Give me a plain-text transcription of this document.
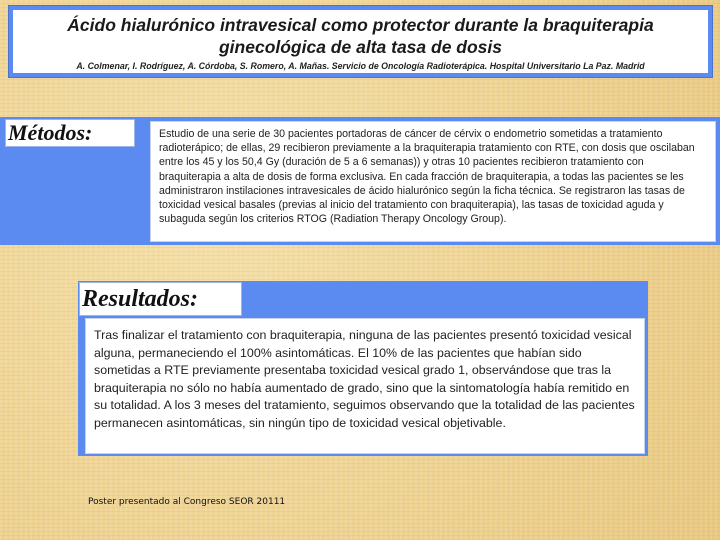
Ácido hialurónico intravesical como protector durante la braquiterapia
ginecológica de alta tasa de dosis
A. Colmenar, I. Rodríguez, A. Córdoba, S. Romero, A. Mañas. Servicio de Oncología Radioterápica. Hospital Universitario La Paz. Madrid
Métodos:	Estudio de una serie de 30 pacientes portadoras de cáncer de cérvix o endometrio sometidas a tratamiento radioterápico; de ellas, 29 recibieron previamente a la braquiterapia tratamiento con RTE, con dosis que oscilaban entre los 45 y los 50,4 Gy (duración de 5 a 6 semanas)) y otras 10 pacientes recibieron tratamiento con braquiterapia a alta de dosis de forma exclusiva. En cada fracción de braquiterapia, a todas las pacientes se les administraron instilaciones intravesicales de ácido hialurónico según la ficha técnica. Se registraron las tasas de toxicidad vesical basales (previas al inicio del tratamiento con braquiterapia), las tasas de toxicidad aguda y subaguda según los criterios RTOG (Radiation Therapy Oncology Group).
Resultados:
Tras finalizar el tratamiento con braquiterapia, ninguna de las pacientes presentó toxicidad vesical alguna, permaneciendo el 100% asintomáticas. El 10% de las pacientes que habían sido sometidas a RTE previamente presentaba toxicidad vesical grado 1, observándose que tras la braquiterapia no sólo no había aumentado de grado, sino que la sintomatología había remitido en su totalidad. A los 3 meses del tratamiento, seguimos observando que la totalidad de las pacientes permanecen asintomáticas, sin ningún tipo de toxicidad vesical objetivable.
Poster presentado al Congreso SEOR 20111
